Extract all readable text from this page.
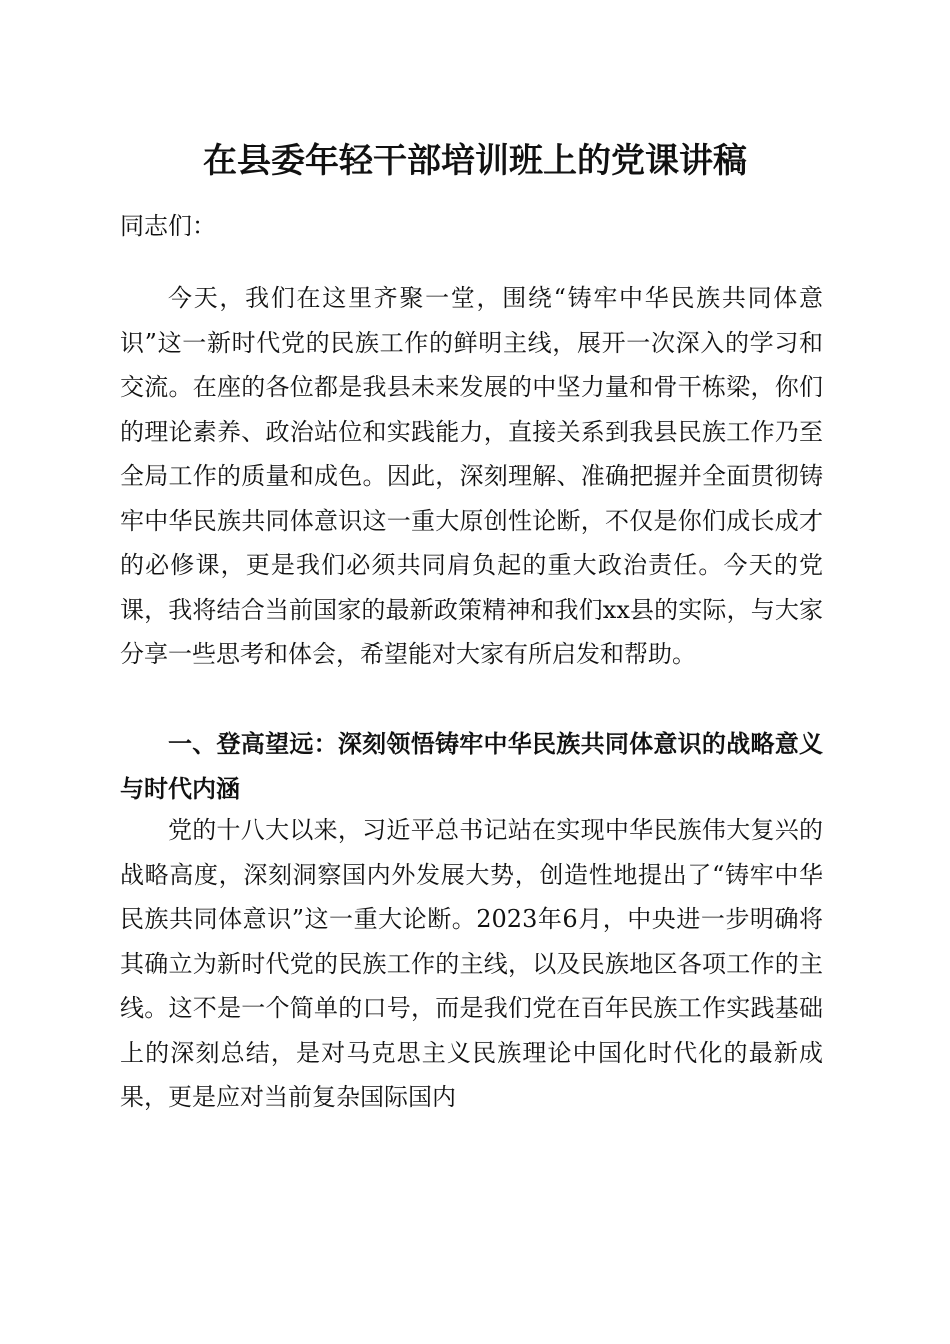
在县委年轻干部培训班上的党课讲稿

同志们：

今天，我们在这里齐聚一堂，围绕“铸牢中华民族共同体意识”这一新时代党的民族工作的鲜明主线，展开一次深入的学习和交流。在座的各位都是我县未来发展的中坚力量和骨干栋梁，你们的理论素养、政治站位和实践能力，直接关系到我县民族工作乃至全局工作的质量和成色。因此，深刻理解、准确把握并全面贯彻铸牢中华民族共同体意识这一重大原创性论断，不仅是你们成长成才的必修课，更是我们必须共同肩负起的重大政治责任。今天的党课，我将结合当前国家的最新政策精神和我们xx县的实际，与大家分享一些思考和体会，希望能对大家有所启发和帮助。

一、登高望远：深刻领悟铸牢中华民族共同体意识的战略意义与时代内涵

党的十八大以来，习近平总书记站在实现中华民族伟大复兴的战略高度，深刻洞察国内外发展大势，创造性地提出了“铸牢中华民族共同体意识”这一重大论断。2023年6月，中央进一步明确将其确立为新时代党的民族工作的主线，以及民族地区各项工作的主线。这不是一个简单的口号，而是我们党在百年民族工作实践基础上的深刻总结，是对马克思主义民族理论中国化时代化的最新成果，更是应对当前复杂国际国内
